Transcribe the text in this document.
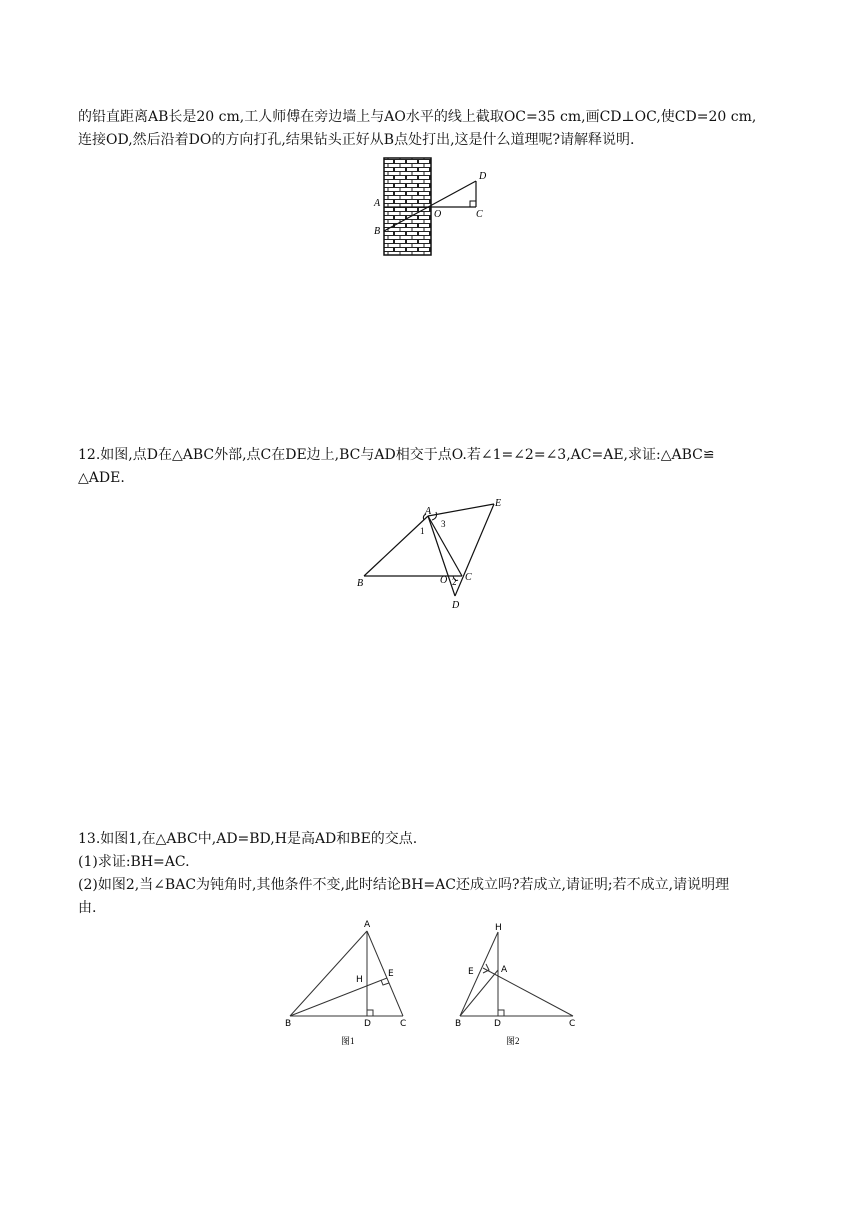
的铅直距离AB长是20 cm,工人师傅在旁边墙上与AO水平的线上截取OC=35 cm,画CD⊥OC,使CD=20 cm,
连接OD,然后沿着DO的方向打孔,结果钻头正好从B点处打出,这是什么道理呢?请解释说明.
A
B
O	C
D
12.如图,点D在△ABC外部,点C在DE边上,BC与AD相交于点O.若∠1=∠2=∠3,AC=AE,求证:△ABC≌
△ADE.
A
E
B	O C
D
1
2
3
13.如图1,在△ABC中,AD=BD,H是高AD和BE的交点.
(1)求证:BH=AC.
(2)如图2,当∠BAC为钝角时,其他条件不变,此时结论BH=AC还成立吗?若成立,请证明;若不成立,请说明理
由.
A
H
E
B	D	C
图1
H
E	A
B	D	C
图2
